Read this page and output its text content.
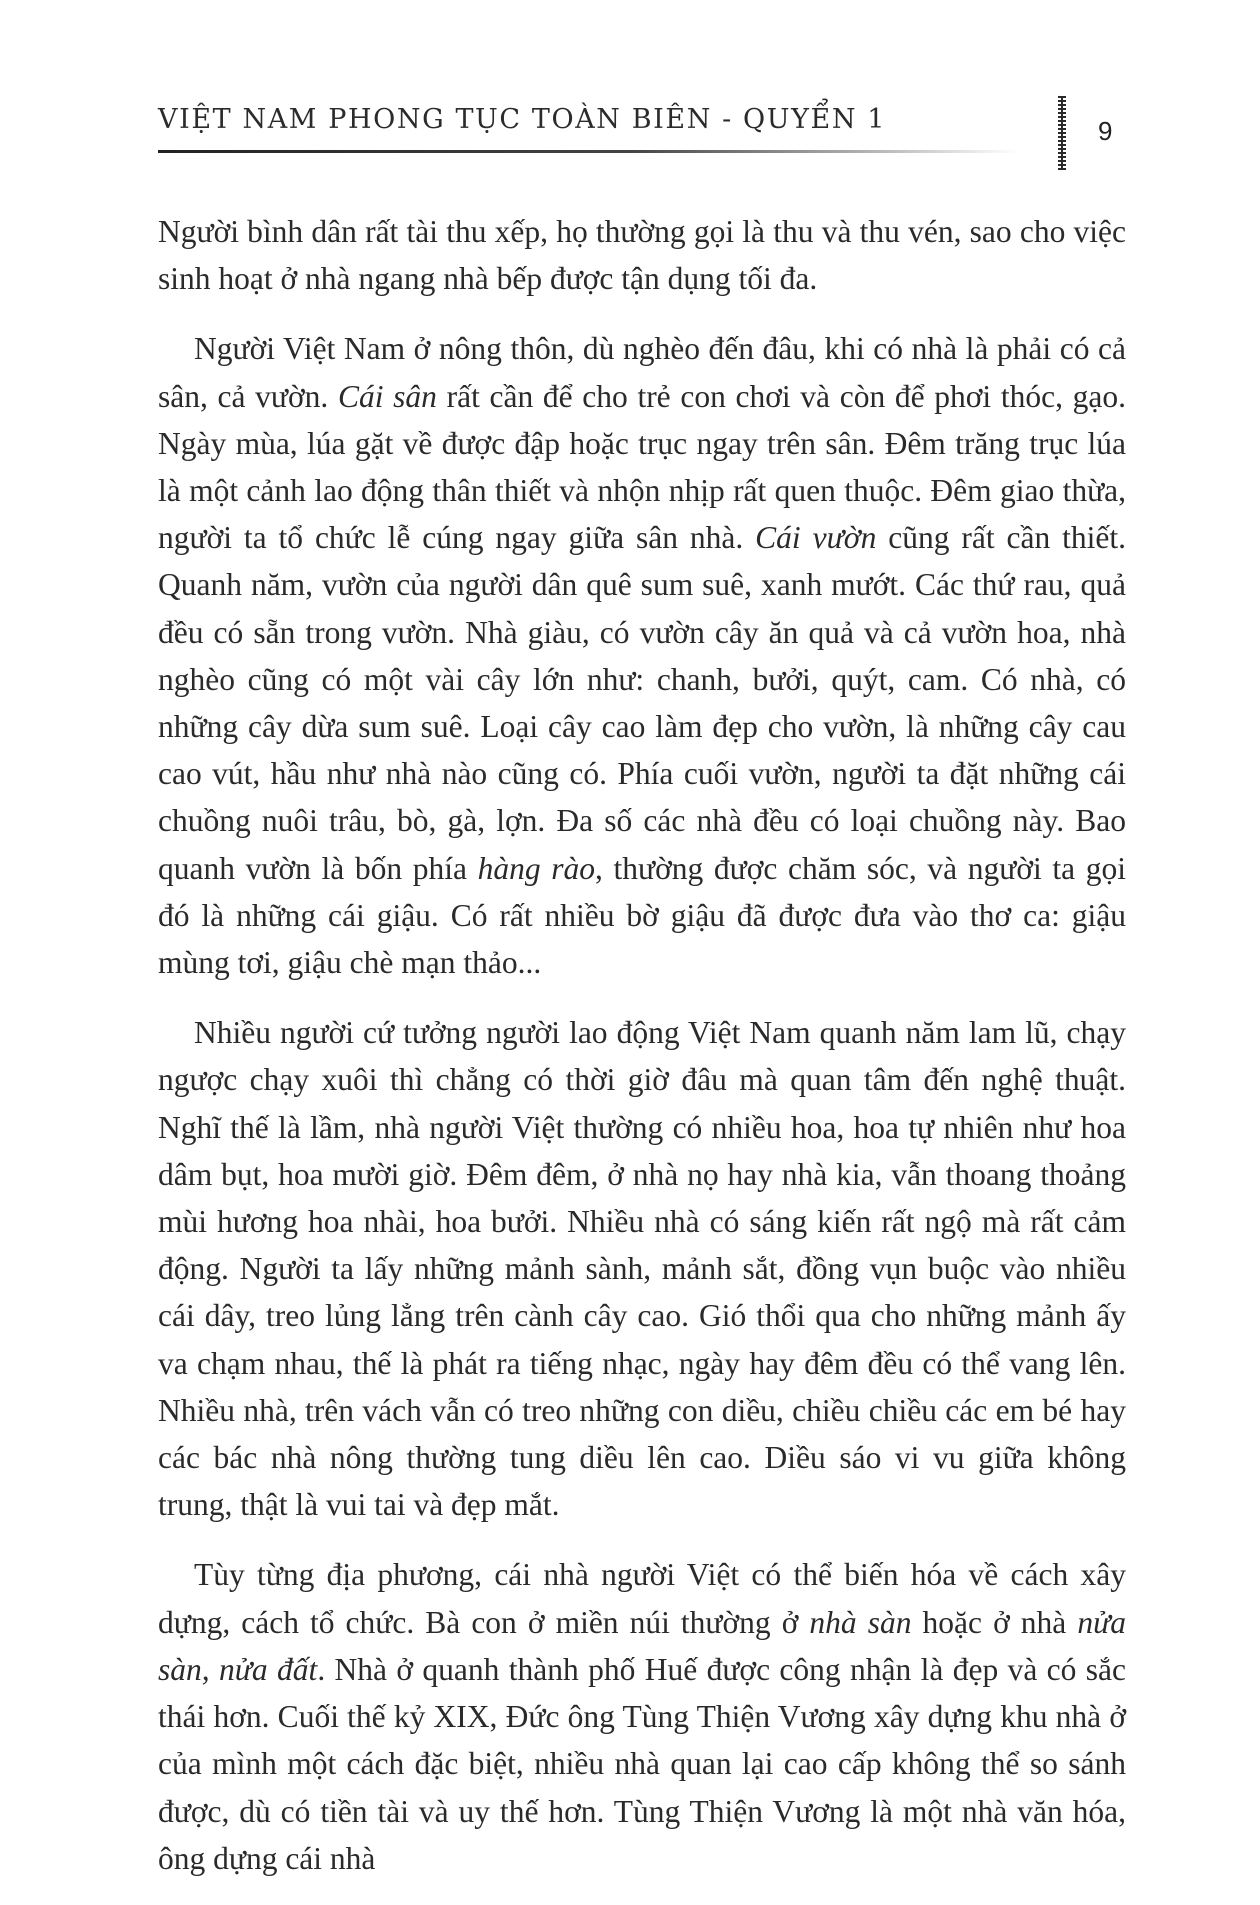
VIỆT NAM PHONG TỤC TOÀN BIÊN - QUYỂN 1	9

Người bình dân rất tài thu xếp, họ thường gọi là thu và thu vén, sao cho việc sinh hoạt ở nhà ngang nhà bếp được tận dụng tối đa.

Người Việt Nam ở nông thôn, dù nghèo đến đâu, khi có nhà là phải có cả sân, cả vườn. Cái sân rất cần để cho trẻ con chơi và còn để phơi thóc, gạo. Ngày mùa, lúa gặt về được đập hoặc trục ngay trên sân. Đêm trăng trục lúa là một cảnh lao động thân thiết và nhộn nhịp rất quen thuộc. Đêm giao thừa, người ta tổ chức lễ cúng ngay giữa sân nhà. Cái vườn cũng rất cần thiết. Quanh năm, vườn của người dân quê sum suê, xanh mướt. Các thứ rau, quả đều có sẵn trong vườn. Nhà giàu, có vườn cây ăn quả và cả vườn hoa, nhà nghèo cũng có một vài cây lớn như: chanh, bưởi, quýt, cam. Có nhà, có những cây dừa sum suê. Loại cây cao làm đẹp cho vườn, là những cây cau cao vút, hầu như nhà nào cũng có. Phía cuối vườn, người ta đặt những cái chuồng nuôi trâu, bò, gà, lợn. Đa số các nhà đều có loại chuồng này. Bao quanh vườn là bốn phía hàng rào, thường được chăm sóc, và người ta gọi đó là những cái giậu. Có rất nhiều bờ giậu đã được đưa vào thơ ca: giậu mùng tơi, giậu chè mạn thảo...

Nhiều người cứ tưởng người lao động Việt Nam quanh năm lam lũ, chạy ngược chạy xuôi thì chẳng có thời giờ đâu mà quan tâm đến nghệ thuật. Nghĩ thế là lầm, nhà người Việt thường có nhiều hoa, hoa tự nhiên như hoa dâm bụt, hoa mười giờ. Đêm đêm, ở nhà nọ hay nhà kia, vẫn thoang thoảng mùi hương hoa nhài, hoa bưởi. Nhiều nhà có sáng kiến rất ngộ mà rất cảm động. Người ta lấy những mảnh sành, mảnh sắt, đồng vụn buộc vào nhiều cái dây, treo lủng lẳng trên cành cây cao. Gió thổi qua cho những mảnh ấy va chạm nhau, thế là phát ra tiếng nhạc, ngày hay đêm đều có thể vang lên. Nhiều nhà, trên vách vẫn có treo những con diều, chiều chiều các em bé hay các bác nhà nông thường tung diều lên cao. Diều sáo vi vu giữa không trung, thật là vui tai và đẹp mắt.

Tùy từng địa phương, cái nhà người Việt có thể biến hóa về cách xây dựng, cách tổ chức. Bà con ở miền núi thường ở nhà sàn hoặc ở nhà nửa sàn, nửa đất. Nhà ở quanh thành phố Huế được công nhận là đẹp và có sắc thái hơn. Cuối thế kỷ XIX, Đức ông Tùng Thiện Vương xây dựng khu nhà ở của mình một cách đặc biệt, nhiều nhà quan lại cao cấp không thể so sánh được, dù có tiền tài và uy thế hơn. Tùng Thiện Vương là một nhà văn hóa, ông dựng cái nhà
